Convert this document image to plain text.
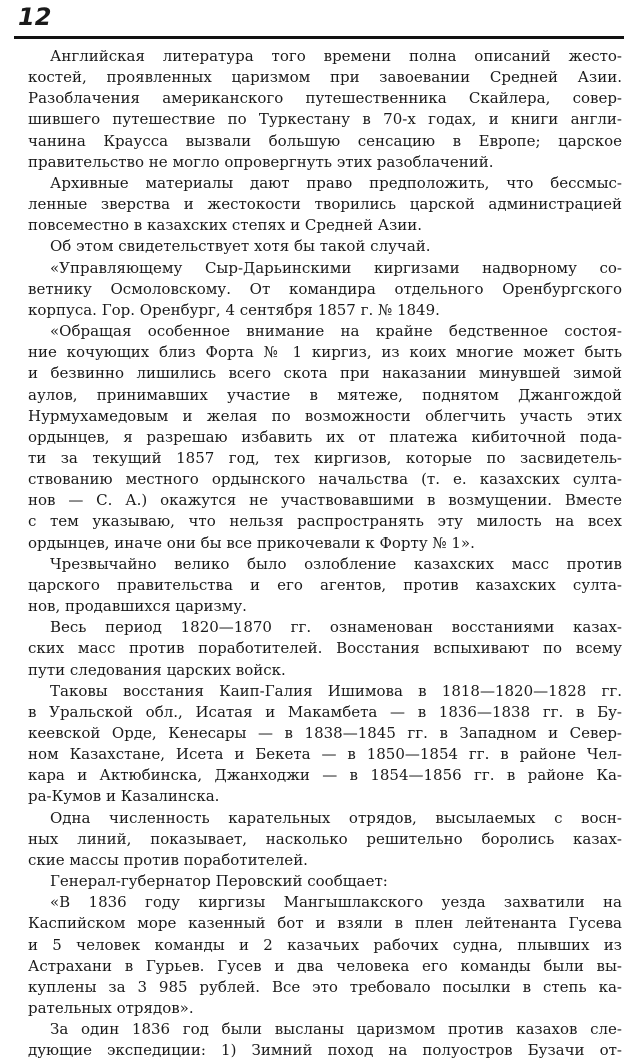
12
Английская литература того времени полна описаний жесто-
костей, проявленных царизмом при завоевании Средней Азии.
Разоблачения американского путешественника Скайлера, совер-
шившего путешествие по Туркестану в 70-х годах, и книги англи-
чанина Краусса вызвали большую сенсацию в Европе; царское
правительство не могло опровергнуть этих разоблачений.
Архивные материалы дают право предположить, что бессмыс-
ленные зверства и жестокости творились царской администрацией
повсеместно в казахских степях и Средней Азии.
Об этом свидетельствует хотя бы такой случай.
«Управляющему Сыр-Дарьинскими киргизами надворному со-
ветнику Осмоловскому. От командира отдельного Оренбургского
корпуса. Гор. Оренбург, 4 сентября 1857 г. № 1849.
«Обращая особенное внимание на крайне бедственное состоя-
ние кочующих близ Форта № 1 киргиз, из коих многие может быть
и безвинно лишились всего скота при наказании минувшей зимой
аулов, принимавших участие в мятеже, поднятом Джангождой
Нурмухамедовым и желая по возможности облегчить участь этих
ордынцев, я разрешаю избавить их от платежа кибиточной пода-
ти за текущий 1857 год, тех киргизов, которые по засвидетель-
ствованию местного ордынского начальства (т. е. казахских султа-
нов — С. А.) окажутся не участвовавшими в возмущении. Вместе
с тем указываю, что нельзя распространять эту милость на всех
ордынцев, иначе они бы все прикочевали к Форту № 1».
Чрезвычайно велико было озлобление казахских масс против
царского правительства и его агентов, против казахских султа-
нов, продавшихся царизму.
Весь период 1820—1870 гг. ознаменован восстаниями казах-
ских масс против поработителей. Восстания вспыхивают по всему
пути следования царских войск.
Таковы восстания Каип-Галия Ишимова в 1818—1820—1828 гг.
в Уральской обл., Исатая и Макамбета — в 1836—1838 гг. в Бу-
кеевской Орде, Кенесары — в 1838—1845 гг. в Западном и Север-
ном Казахстане, Исета и Бекета — в 1850—1854 гг. в районе Чел-
кара и Актюбинска, Джанходжи — в 1854—1856 гг. в районе Ка-
ра-Кумов и Казалинска.
Одна численность карательных отрядов, высылаемых с восн-
ных линий, показывает, насколько решительно боролись казах-
ские массы против поработителей.
Генерал-губернатор Перовский сообщает:
«В 1836 году киргизы Мангышлакского уезда захватили на
Каспийском море казенный бот и взяли в плен лейтенанта Гусева
и 5 человек команды и 2 казачьих рабочих судна, плывших из
Астрахани в Гурьев. Гусев и два человека его команды были вы-
куплены за 3 985 рублей. Все это требовало посылки в степь ка-
рательных отрядов».
За один 1836 год были высланы царизмом против казахов сле-
дующие экспедиции: 1) Зимний поход на полуостров Бузачи от-
